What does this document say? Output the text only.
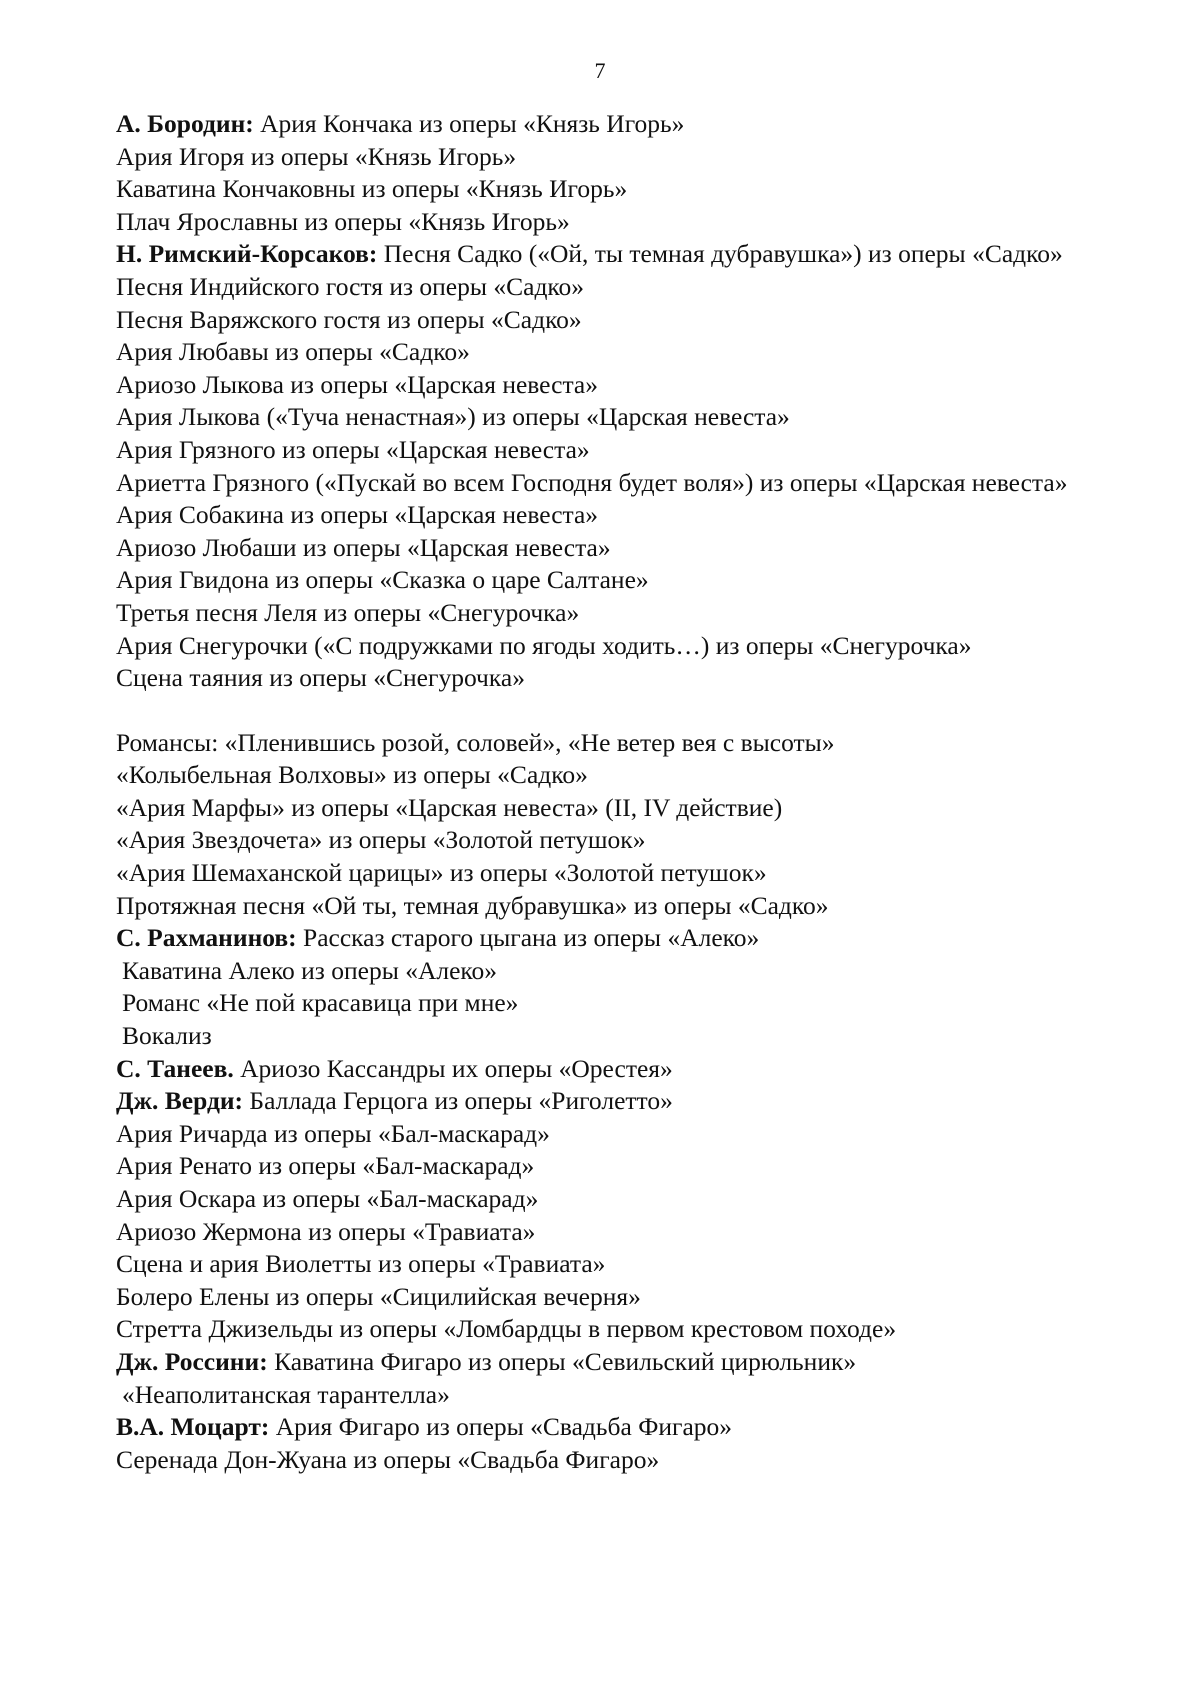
7
А. Бородин: Ария Кончака из оперы «Князь Игорь»
Ария Игоря из оперы «Князь Игорь»
Каватина Кончаковны из оперы «Князь Игорь»
Плач Ярославны из оперы «Князь Игорь»
Н. Римский-Корсаков: Песня Садко («Ой, ты темная дубравушка») из оперы «Садко»
Песня Индийского гостя из оперы «Садко»
Песня Варяжского гостя из оперы «Садко»
Ария Любавы из оперы «Садко»
Ариозо Лыкова из оперы «Царская невеста»
Ария Лыкова («Туча ненастная») из оперы «Царская невеста»
Ария Грязного из оперы «Царская невеста»
Ариетта Грязного («Пускай во всем Господня будет воля») из оперы «Царская невеста»
Ария Собакина из оперы «Царская невеста»
Ариозо Любаши из оперы «Царская невеста»
Ария Гвидона из оперы «Сказка о царе Салтане»
Третья песня Леля из оперы «Снегурочка»
Ария Снегурочки («С подружками по ягоды ходить…) из оперы «Снегурочка»
Сцена таяния из оперы «Снегурочка»
Романсы: «Пленившись розой, соловей», «Не ветер вея с высоты»
«Колыбельная Волховы» из оперы «Садко»
«Ария Марфы» из оперы «Царская невеста» (II, IV действие)
«Ария Звездочета» из оперы «Золотой петушок»
«Ария Шемаханской царицы» из оперы «Золотой петушок»
Протяжная песня «Ой ты, темная дубравушка» из оперы «Садко»
С. Рахманинов: Рассказ старого цыгана из оперы «Алеко»
Каватина Алеко из оперы «Алеко»
Романс «Не пой красавица при мне»
Вокализ
С. Танеев. Ариозо Кассандры их оперы «Орестея»
Дж. Верди: Баллада Герцога из оперы «Риголетто»
Ария Ричарда из оперы «Бал-маскарад»
Ария Ренато из оперы «Бал-маскарад»
Ария Оскара из оперы «Бал-маскарад»
Ариозо Жермона из оперы «Травиата»
Сцена и ария Виолетты из оперы «Травиата»
Болеро Елены из оперы «Сицилийская вечерня»
Стретта Джизельды из оперы «Ломбардцы в первом крестовом походе»
Дж. Россини: Каватина Фигаро из оперы «Севильский цирюльник»
«Неаполитанская тарантелла»
В.А. Моцарт: Ария Фигаро из оперы «Свадьба Фигаро»
Серенада Дон-Жуана из оперы «Свадьба Фигаро»
